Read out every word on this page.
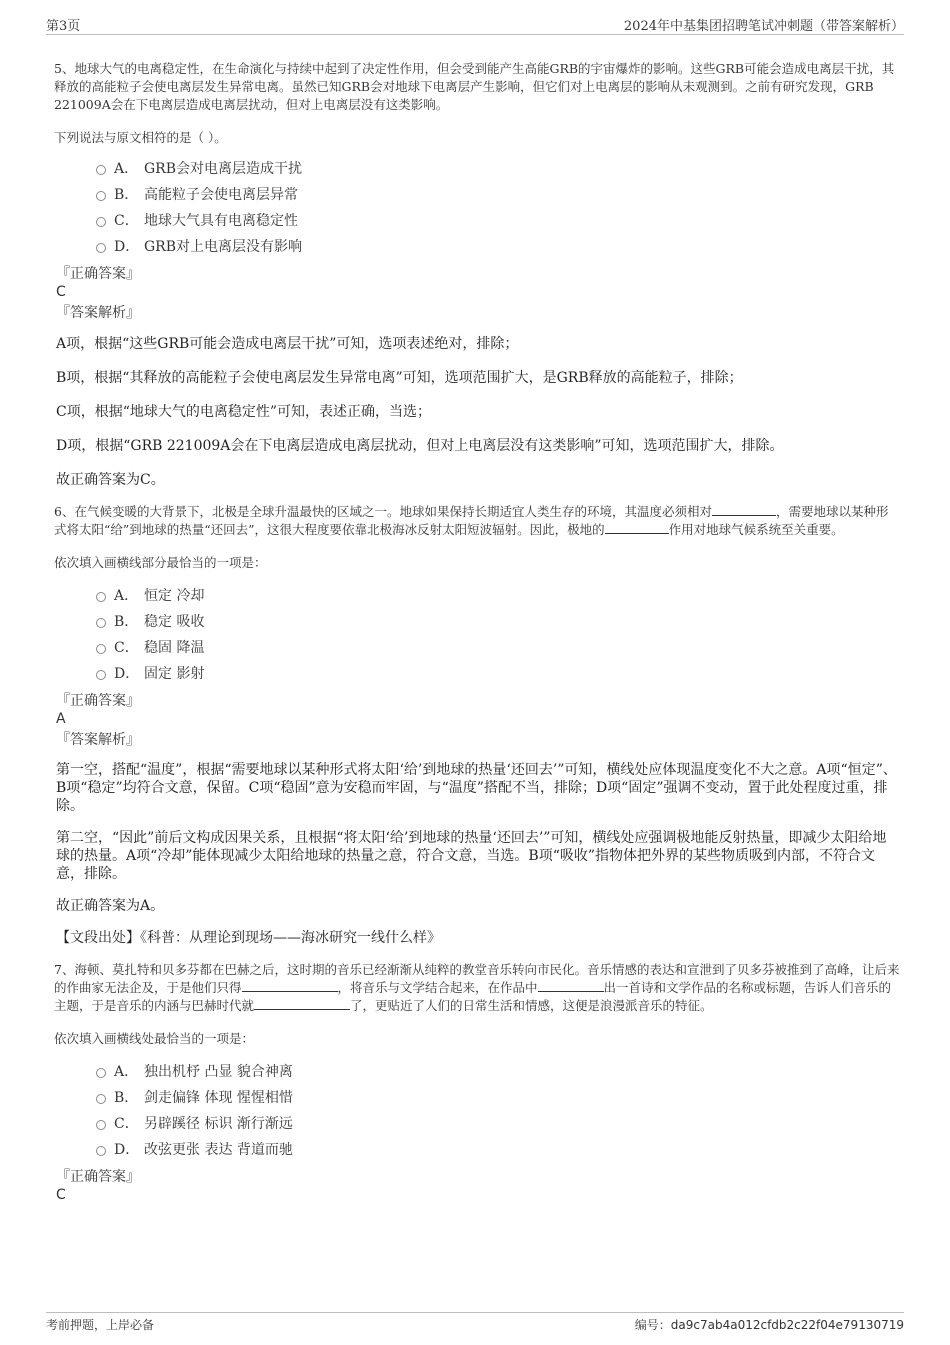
第3页	2024年中基集团招聘笔试冲刺题（带答案解析）

5、地球大气的电离稳定性，在生命演化与持续中起到了决定性作用，但会受到能产生高能GRB的宇宙爆炸的影响。这些GRB可能会造成电离层干扰，其释放的高能粒子会使电离层发生异常电离。虽然已知GRB会对地球下电离层产生影响，但它们对上电离层的影响从未观测到。之前有研究发现，GRB 221009A会在下电离层造成电离层扰动，但对上电离层没有这类影响。

下列说法与原文相符的是（ ）。

A． GRB会对电离层造成干扰
B． 高能粒子会使电离层异常
C． 地球大气具有电离稳定性
D． GRB对上电离层没有影响
『正确答案』
C
『答案解析』

A项，根据“这些GRB可能会造成电离层干扰”可知，选项表述绝对，排除；

B项，根据“其释放的高能粒子会使电离层发生异常电离”可知，选项范围扩大，是GRB释放的高能粒子，排除；

C项，根据“地球大气的电离稳定性”可知，表述正确，当选；

D项，根据“GRB 221009A会在下电离层造成电离层扰动，但对上电离层没有这类影响”可知，选项范围扩大，排除。

故正确答案为C。

6、在气候变暖的大背景下，北极是全球升温最快的区域之一。地球如果保持长期适宜人类生存的环境，其温度必须相对	，需要地球以某种形式将太阳“给”到地球的热量“还回去”，这很大程度要依靠北极海冰反射太阳短波辐射。因此，极地的	作用对地球气候系统至关重要。

依次填入画横线部分最恰当的一项是：

A． 恒定 冷却
B． 稳定 吸收
C． 稳固 降温
D． 固定 影射
『正确答案』
A
『答案解析』

第一空，搭配“温度”，根据“需要地球以某种形式将太阳‘给’到地球的热量‘还回去’”可知，横线处应体现温度变化不大之意。A项“恒定”、B项“稳定”均符合文意，保留。C项“稳固”意为安稳而牢固，与“温度”搭配不当，排除；D项“固定”强调不变动，置于此处程度过重，排除。

第二空，“因此”前后文构成因果关系，且根据“将太阳‘给’到地球的热量‘还回去’”可知，横线处应强调极地能反射热量，即减少太阳给地球的热量。A项“冷却”能体现减少太阳给地球的热量之意，符合文意，当选。B项“吸收”指物体把外界的某些物质吸到内部，不符合文意，排除。

故正确答案为A。

【文段出处】《科普：从理论到现场——海冰研究一线什么样》

7、海顿、莫扎特和贝多芬都在巴赫之后，这时期的音乐已经渐渐从纯粹的教堂音乐转向市民化。音乐情感的表达和宣泄到了贝多芬被推到了高峰，让后来的作曲家无法企及，于是他们只得	，将音乐与文学结合起来，在作品中	出一首诗和文学作品的名称或标题，告诉人们音乐的主题，于是音乐的内涵与巴赫时代就	了，更贴近了人们的日常生活和情感，这便是浪漫派音乐的特征。

依次填入画横线处最恰当的一项是：

A． 独出机杼 凸显 貌合神离
B． 剑走偏锋 体现 惺惺相惜
C． 另辟蹊径 标识 渐行渐远
D． 改弦更张 表达 背道而驰
『正确答案』
C
考前押题，上岸必备	编号：da9c7ab4a012cfdb2c22f04e79130719
